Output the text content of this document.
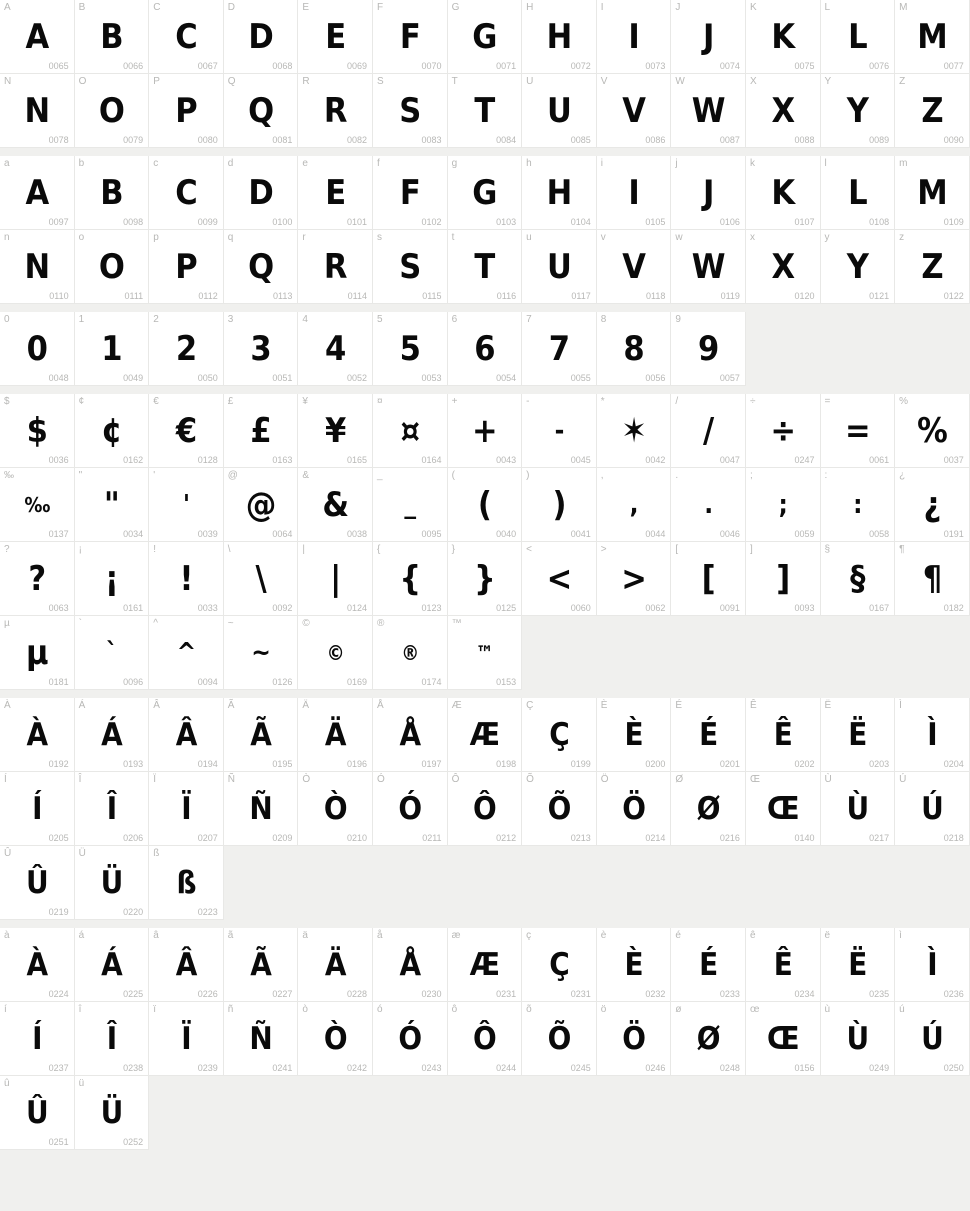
A
A
0065
B
B
0066
C
C
0067
D
D
0068
E
E
0069
F
F
0070
G
G
0071
H
H
0072
I
I
0073
J
J
0074
K
K
0075
L
L
0076
M
M
0077
N
N
0078
O
O
0079
P
P
0080
Q
Q
0081
R
R
0082
S
S
0083
T
T
0084
U
U
0085
V
V
0086
W
W
0087
X
X
0088
Y
Y
0089
Z
Z
0090
a
A
0097
b
B
0098
c
C
0099
d
D
0100
e
E
0101
f
F
0102
g
G
0103
h
H
0104
i
I
0105
j
J
0106
k
K
0107
l
L
0108
m
M
0109
n
N
0110
o
O
0111
p
P
0112
q
Q
0113
r
R
0114
s
S
0115
t
T
0116
u
U
0117
v
V
0118
w
W
0119
x
X
0120
y
Y
0121
z
Z
0122
0
0
0048
1
1
0049
2
2
0050
3
3
0051
4
4
0052
5
5
0053
6
6
0054
7
7
0055
8
8
0056
9
9
0057
$
$
0036
¢
¢
0162
€
€
0128
£
£
0163
¥
¥
0165
¤
¤
0164
+
+
0043
-
-
0045
*
✶
0042
/
/
0047
÷
÷
0247
=
=
0061
%
%
0037
‰
‰
0137
"
"
0034
'
'
0039
@
@
0064
&
&
0038
_
_
0095
(
(
0040
)
)
0041
,
,
0044
.
.
0046
;
;
0059
:
:
0058
¿
¿
0191
?
?
0063
¡
¡
0161
!
!
0033
\
\
0092
|
|
0124
{
{
0123
}
}
0125
<
<
0060
>
>
0062
[
[
0091
]
]
0093
§
§
0167
¶
¶
0182
µ
µ
0181
`
`
0096
^
^
0094
~
~
0126
©
©
0169
®
®
0174
™
™
0153
À
À
0192
Á
Á
0193
Â
Â
0194
Ã
Ã
0195
Ä
Ä
0196
Å
Å
0197
Æ
Æ
0198
Ç
Ç
0199
È
È
0200
É
É
0201
Ê
Ê
0202
Ë
Ë
0203
Ì
Ì
0204
Í
Í
0205
Î
Î
0206
Ï
Ï
0207
Ñ
Ñ
0209
Ò
Ò
0210
Ó
Ó
0211
Ô
Ô
0212
Õ
Õ
0213
Ö
Ö
0214
Ø
Ø
0216
Œ
Œ
0140
Ù
Ù
0217
Ú
Ú
0218
Û
Û
0219
Ü
Ü
0220
ß
ß
0223
à
À
0224
á
Á
0225
â
Â
0226
ã
Ã
0227
ä
Ä
0228
å
Å
0230
æ
Æ
0231
ç
Ç
0231
è
È
0232
é
É
0233
ê
Ê
0234
ë
Ë
0235
ì
Ì
0236
í
Í
0237
î
Î
0238
ï
Ï
0239
ñ
Ñ
0241
ò
Ò
0242
ó
Ó
0243
ô
Ô
0244
õ
Õ
0245
ö
Ö
0246
ø
Ø
0248
œ
Œ
0156
ù
Ù
0249
ú
Ú
0250
û
Û
0251
ü
Ü
0252
